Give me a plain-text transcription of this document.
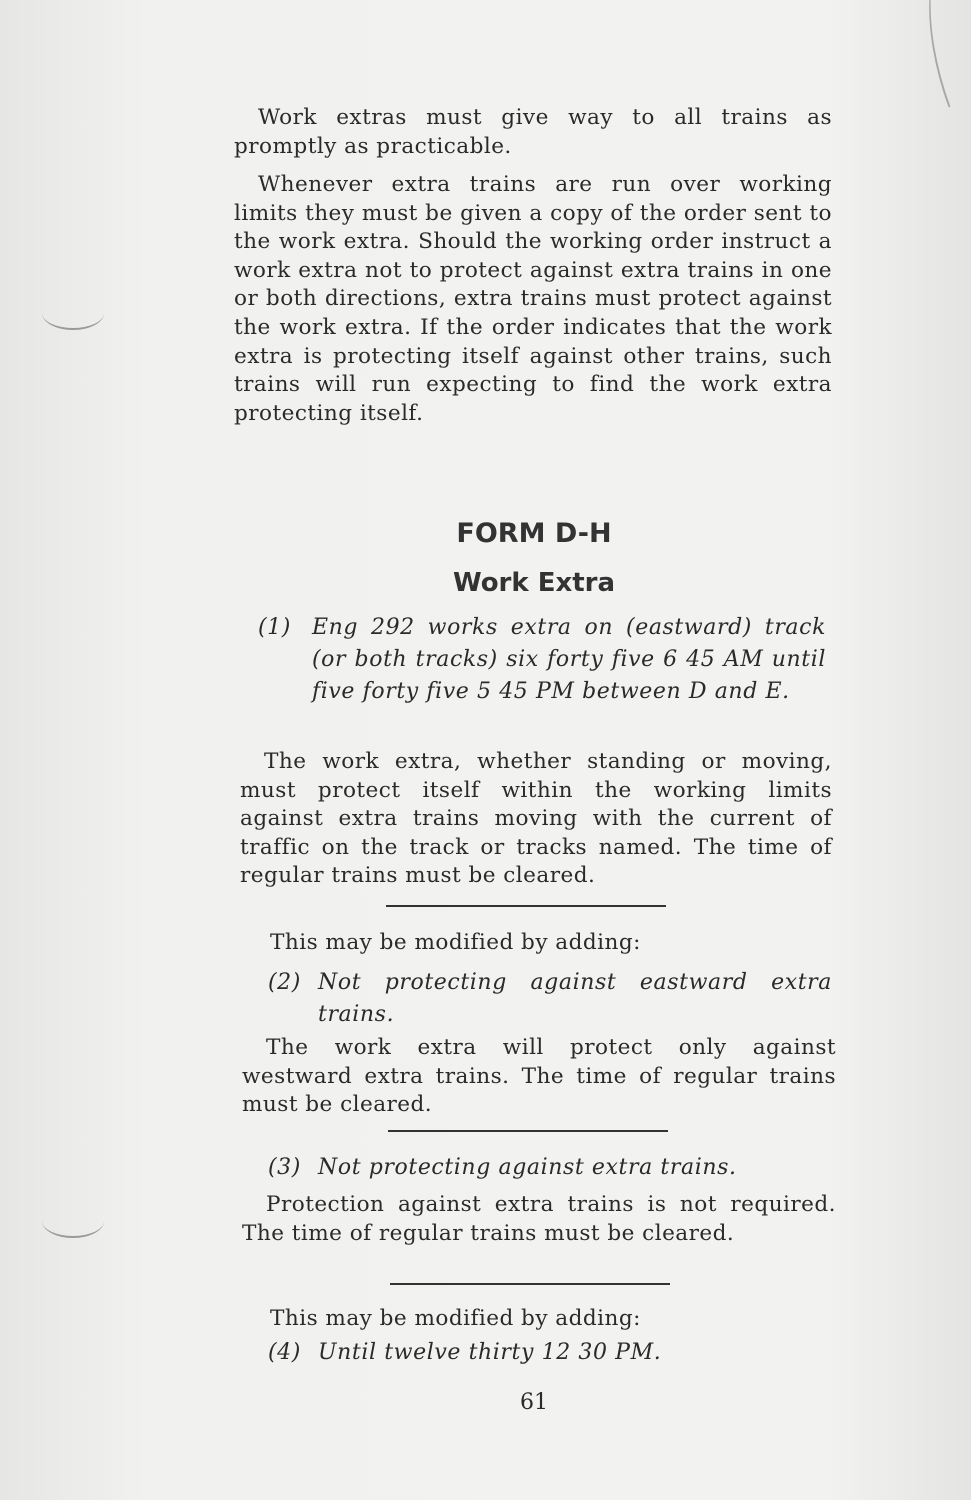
Work extras must give way to all trains as promptly as practicable.

Whenever extra trains are run over working limits they must be given a copy of the order sent to the work extra. Should the working order instruct a work extra not to protect against extra trains in one or both directions, extra trains must protect against the work extra. If the order indicates that the work extra is protecting itself against other trains, such trains will run expecting to find the work extra protecting itself.

FORM D-H
Work Extra
(1) Eng 292 works extra on (eastward) track (or both tracks) six forty five 6 45 AM until five forty five 5 45 PM between D and E.

The work extra, whether standing or moving, must protect itself within the working limits against extra trains moving with the current of traffic on the track or tracks named. The time of regular trains must be cleared.

This may be modified by adding:

(2) Not protecting against eastward extra trains.

The work extra will protect only against westward extra trains. The time of regular trains must be cleared.

(3) Not protecting against extra trains.

Protection against extra trains is not required. The time of regular trains must be cleared.

This may be modified by adding:

(4) Until twelve thirty 12 30 PM.
61
